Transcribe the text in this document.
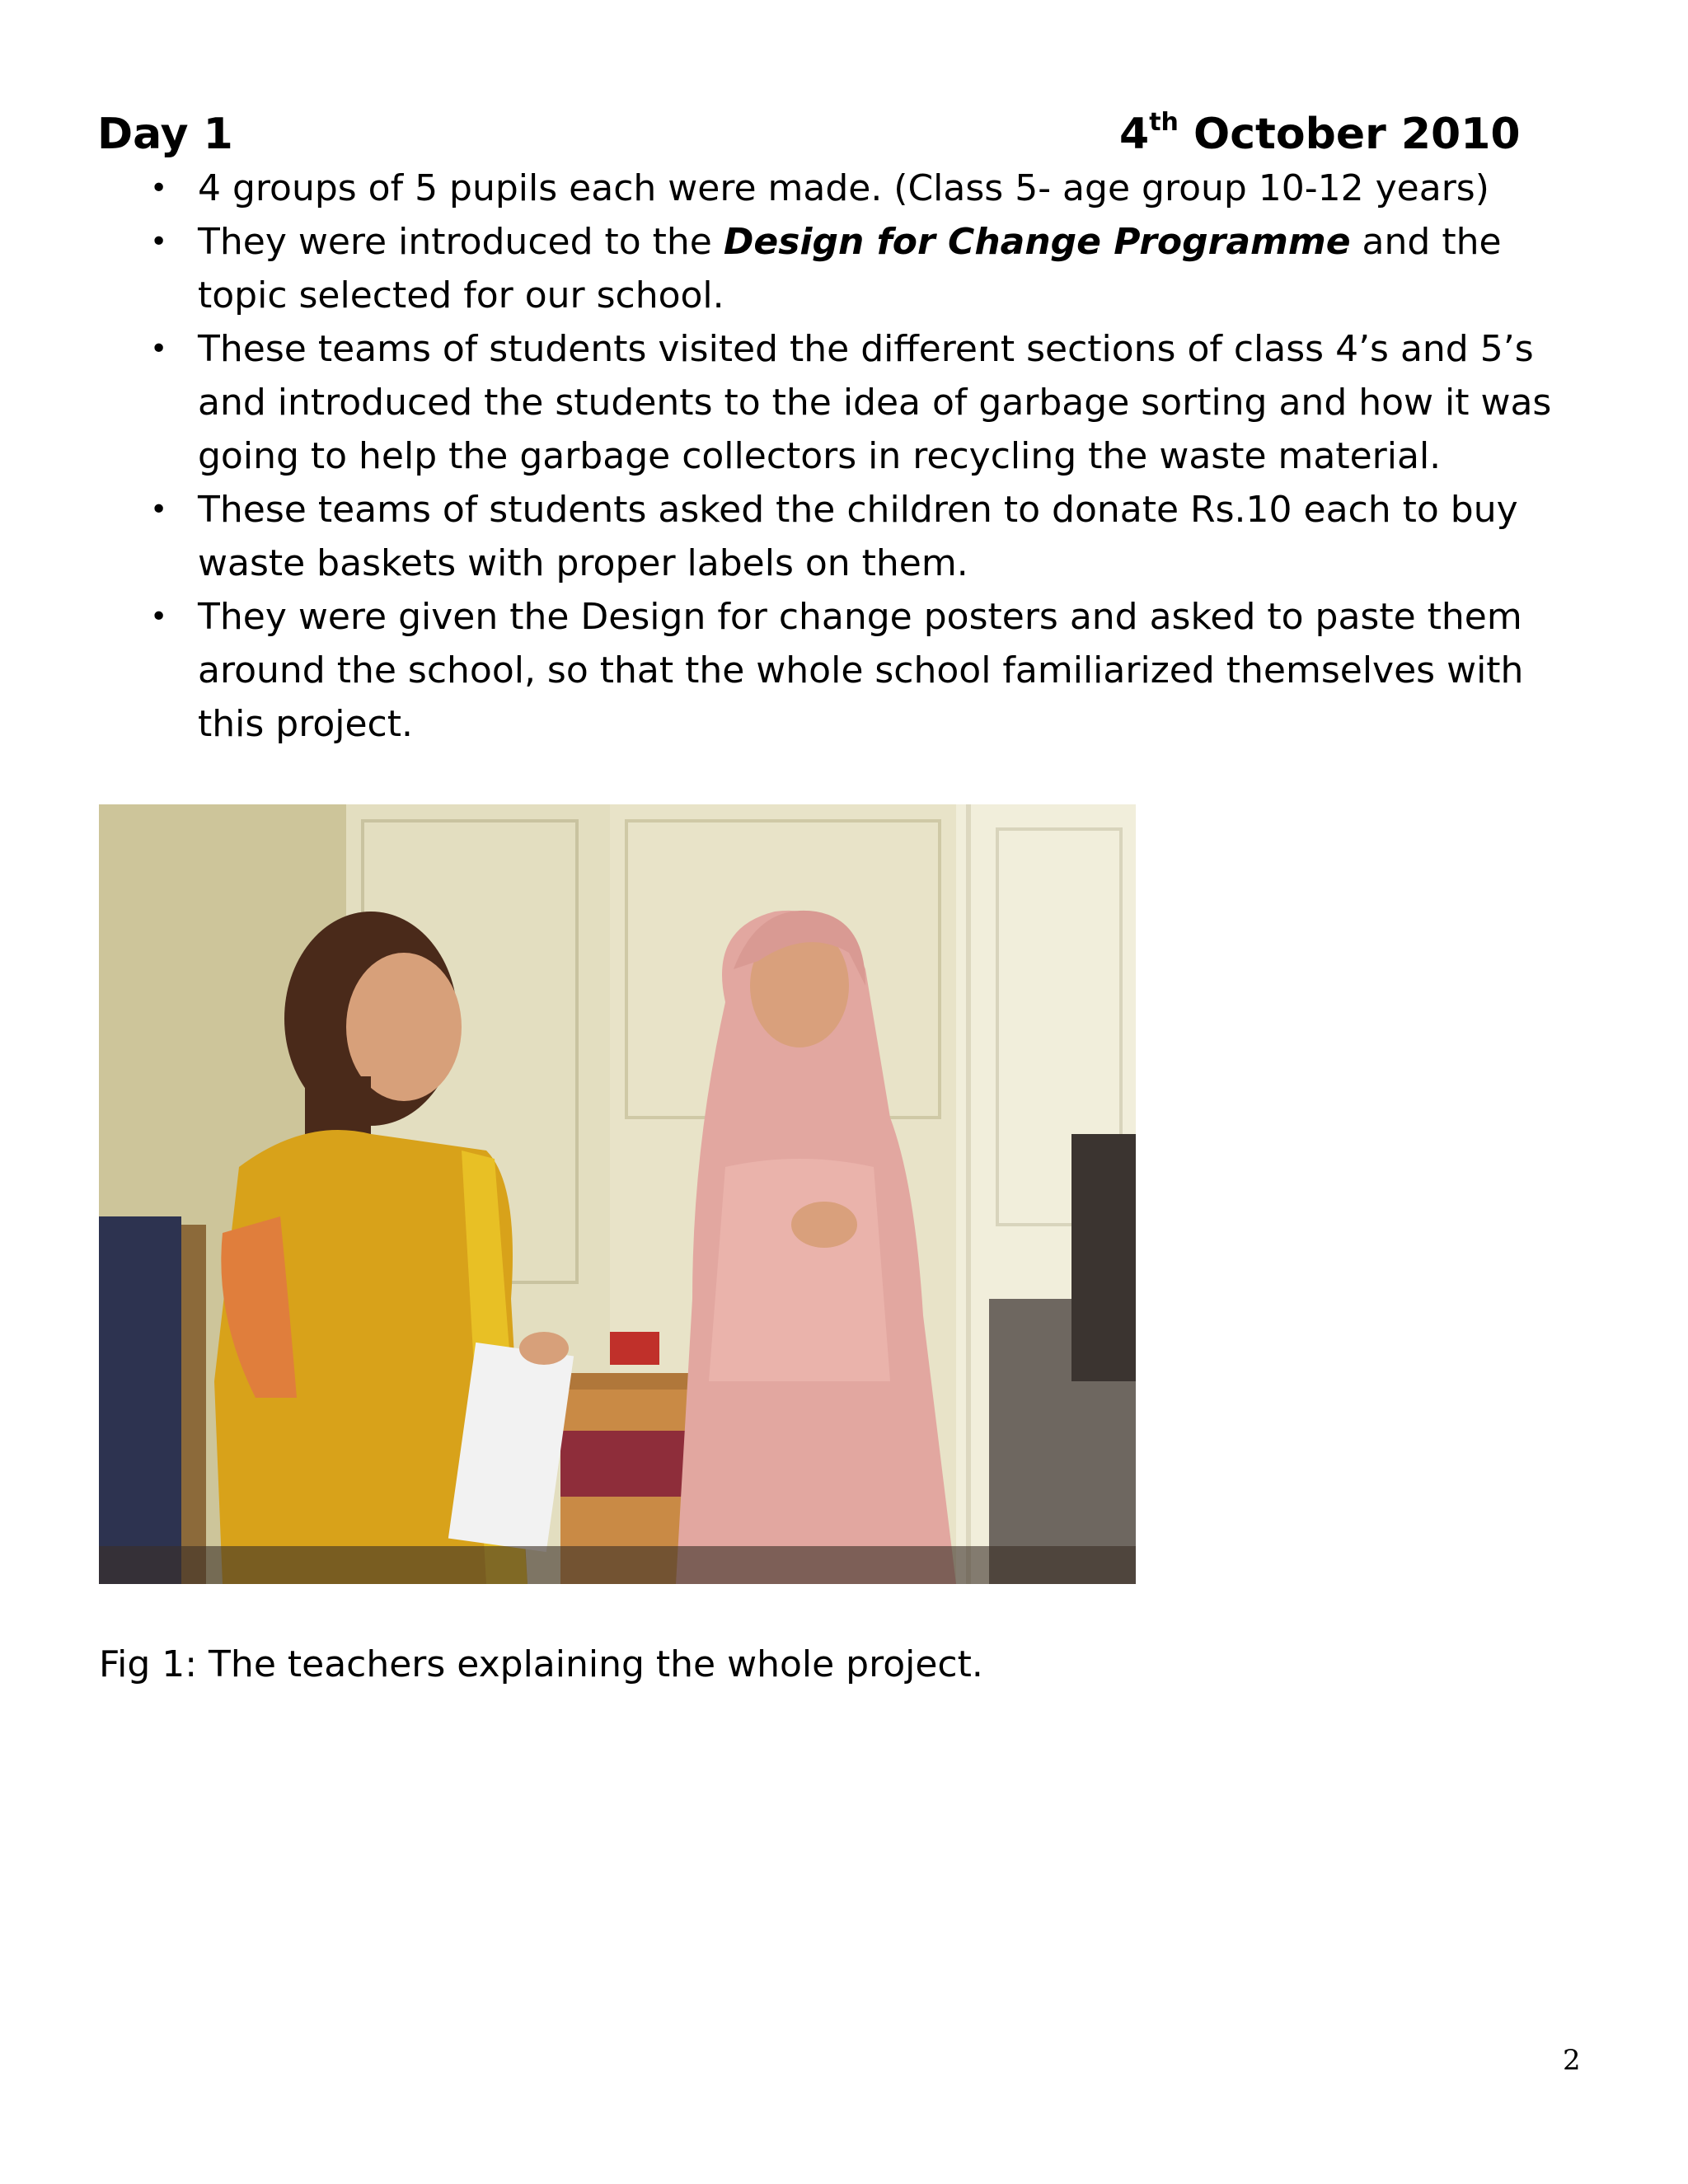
Day 1	4th October 2010
• 4 groups of 5 pupils each were made. (Class 5- age group 10-12 years)
• They were introduced to the Design for Change Programme and the topic selected for our school.
• These teams of students visited the different sections of class 4’s and 5’s and introduced the students to the idea of garbage sorting and how it was going to help the garbage collectors in recycling the waste material.
• These teams of students asked the children to donate Rs.10 each to buy waste baskets with proper labels on them.
• They were given the Design for change posters and asked to paste them around the school, so that the whole school familiarized themselves with this project.
Fig 1: The teachers explaining the whole project.
2
